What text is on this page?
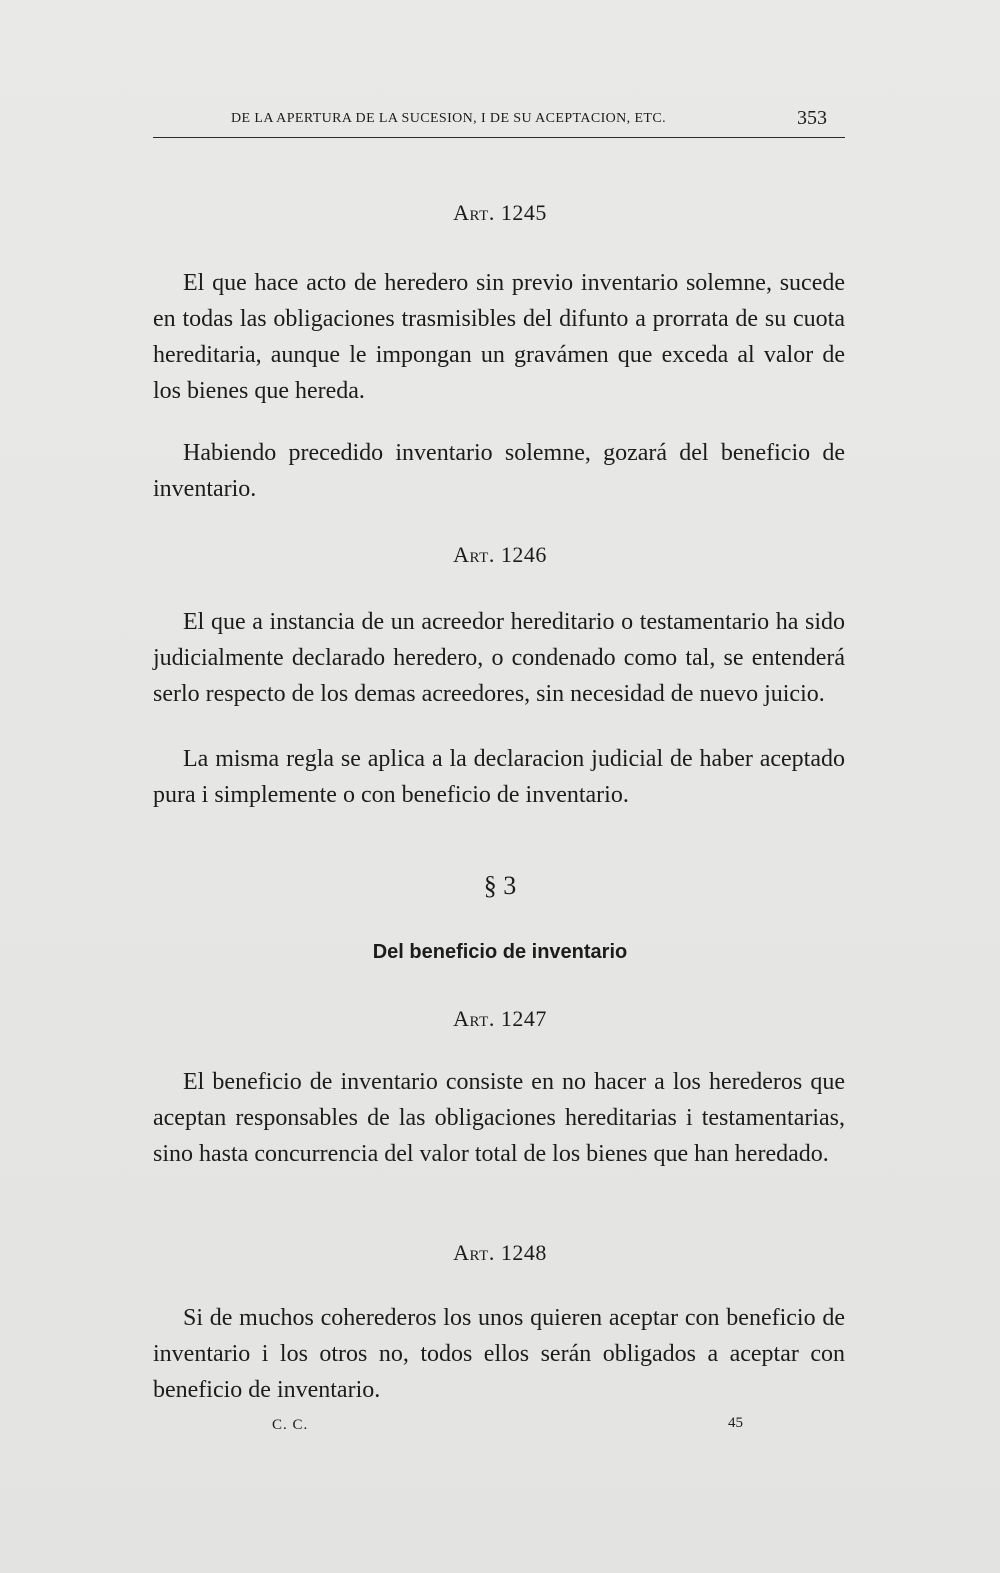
DE LA APERTURA DE LA SUCESION, I DE SU ACEPTACION, ETC.	353
Art. 1245

El que hace acto de heredero sin previo inventario solemne, sucede en todas las obligaciones trasmisibles del difunto a prorrata de su cuota hereditaria, aunque le impongan un gravámen que exceda al valor de los bienes que hereda.

Habiendo precedido inventario solemne, gozará del beneficio de inventario.

Art. 1246

El que a instancia de un acreedor hereditario o testamentario ha sido judicialmente declarado heredero, o condenado como tal, se entenderá serlo respecto de los demas acreedores, sin necesidad de nuevo juicio.

La misma regla se aplica a la declaracion judicial de haber aceptado pura i simplemente o con beneficio de inventario.

§ 3
Del beneficio de inventario
Art. 1247

El beneficio de inventario consiste en no hacer a los herederos que aceptan responsables de las obligaciones hereditarias i testamentarias, sino hasta concurrencia del valor total de los bienes que han heredado.

Art. 1248

Si de muchos coherederos los unos quieren aceptar con beneficio de inventario i los otros no, todos ellos serán obligados a aceptar con beneficio de inventario.

C. C.	45
